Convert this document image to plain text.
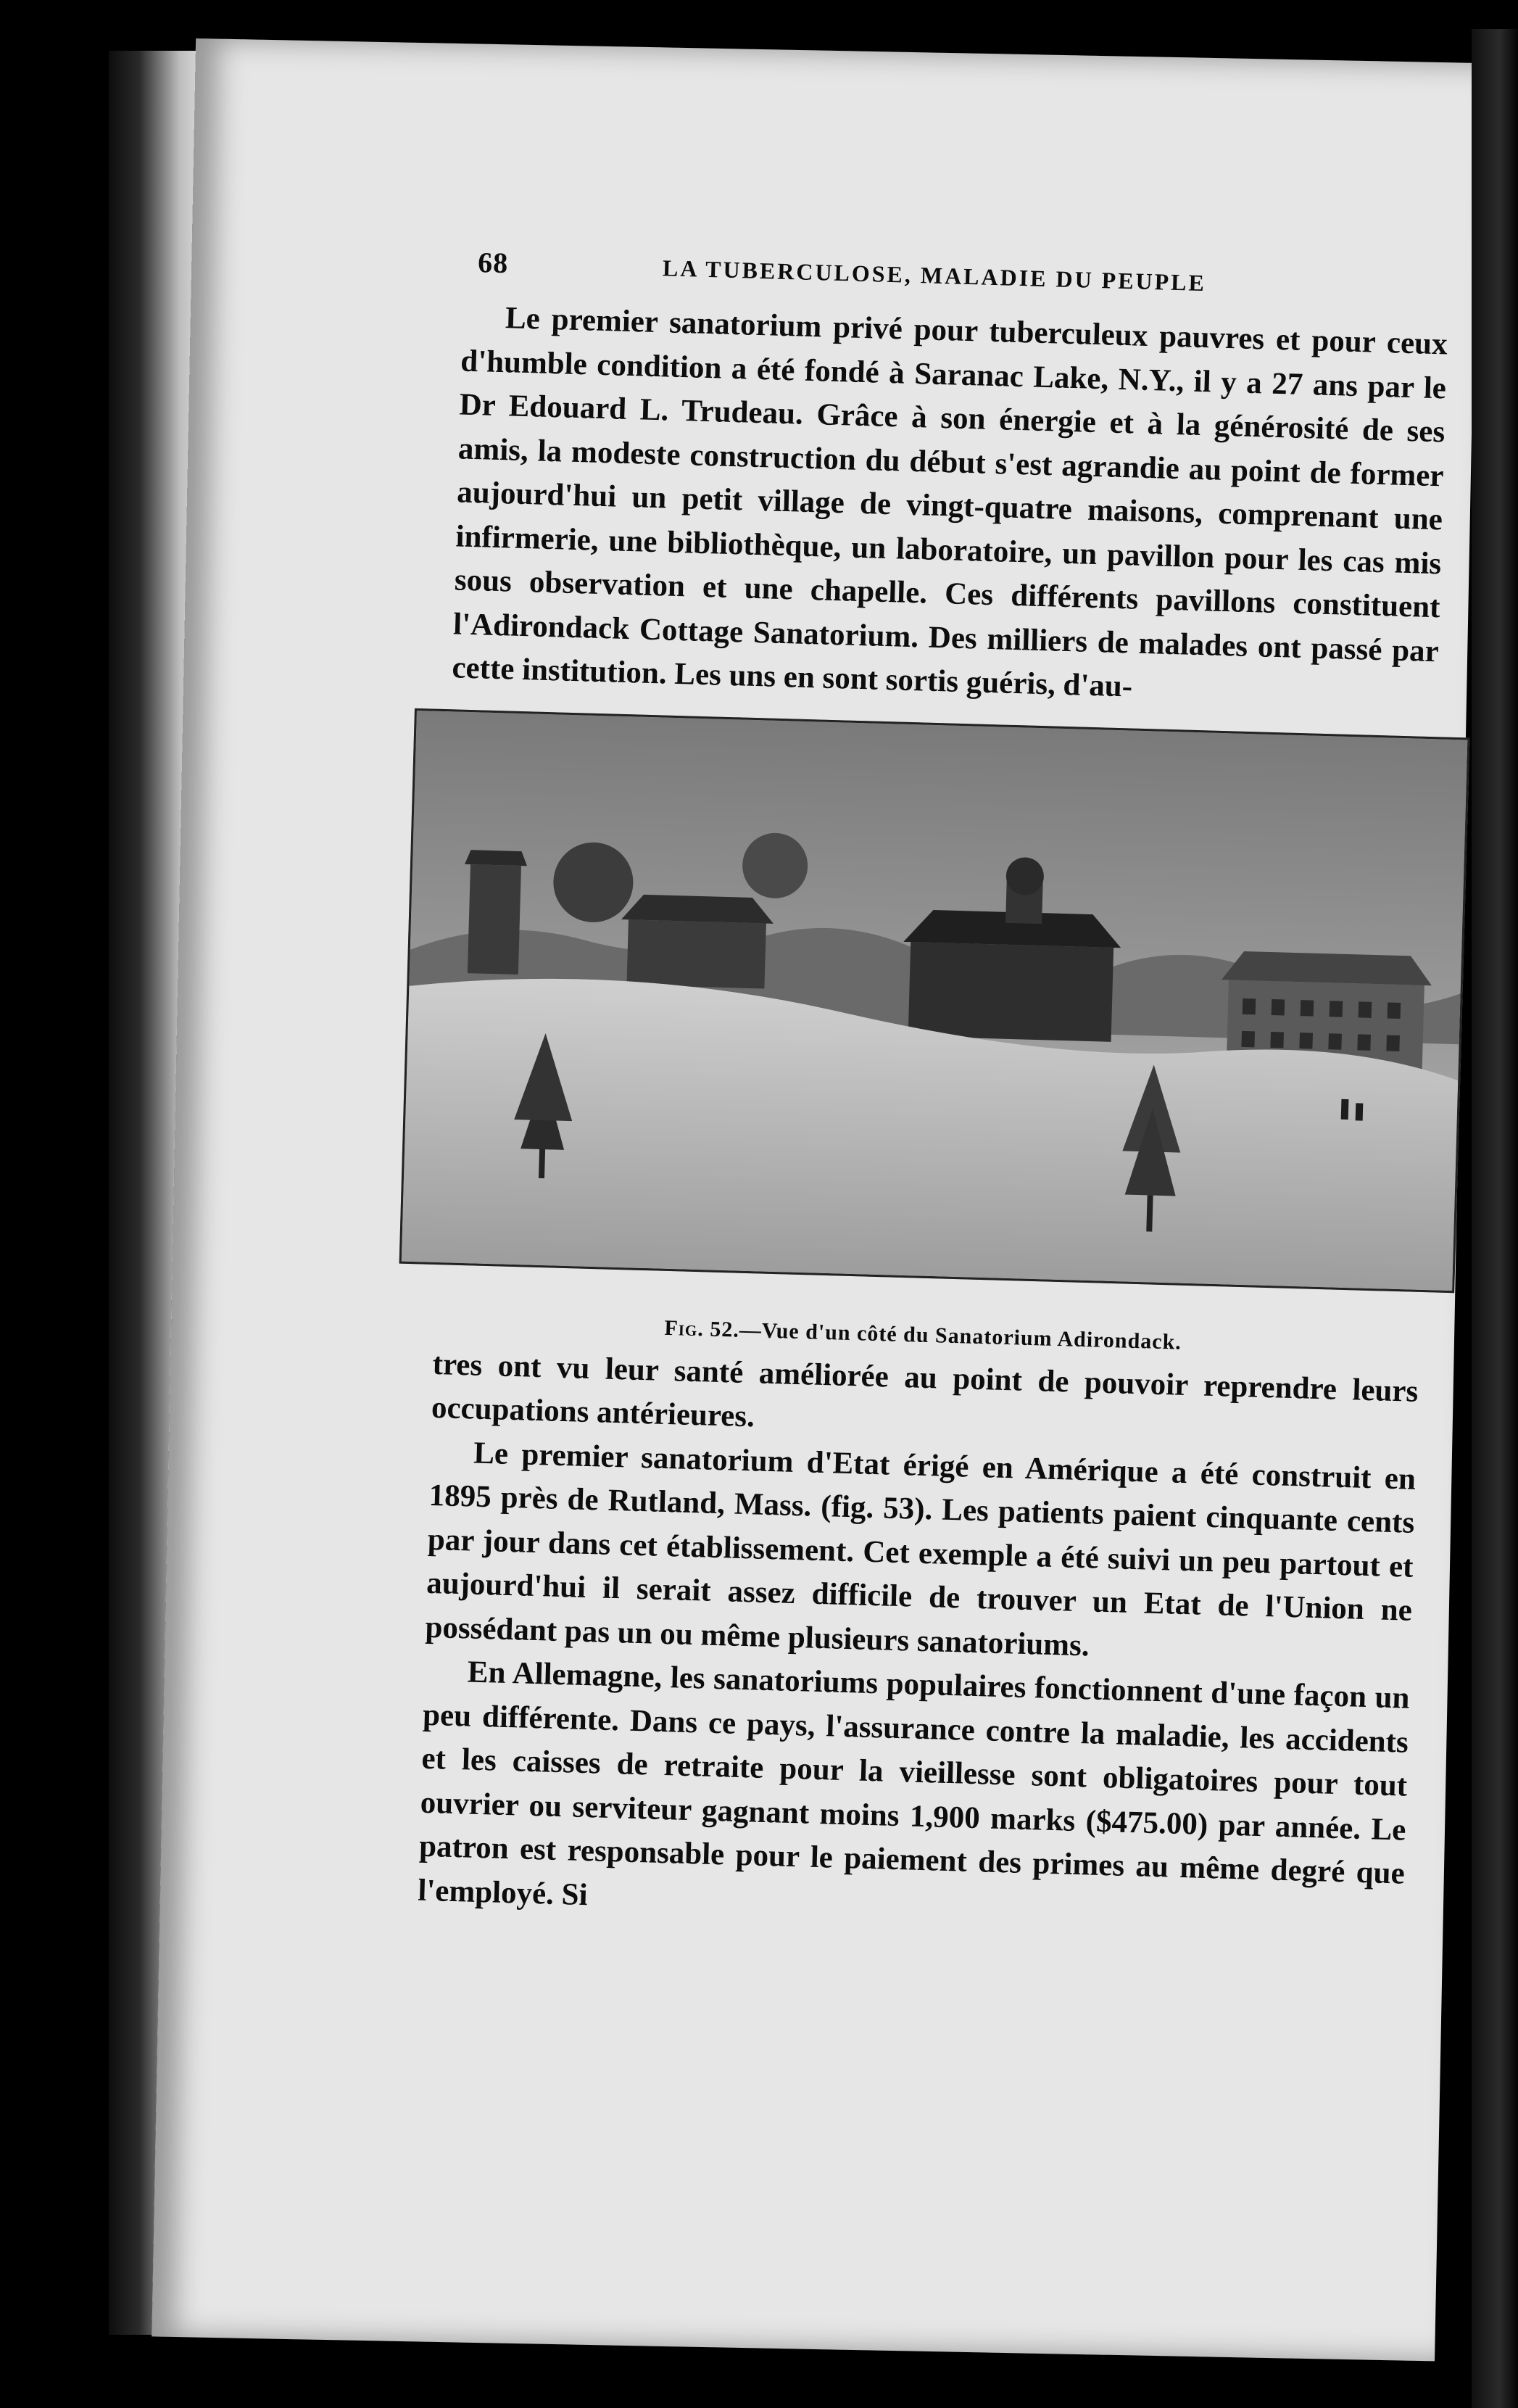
68	LA TUBERCULOSE, MALADIE DU PEUPLE

Le premier sanatorium privé pour tuberculeux pauvres et pour ceux d'humble condition a été fondé à Saranac Lake, N.Y., il y a 27 ans par le Dr Edouard L. Trudeau. Grâce à son énergie et à la générosité de ses amis, la modeste construction du début s'est agrandie au point de former aujourd'hui un petit village de vingt-quatre maisons, comprenant une infirmerie, une bibliothèque, un laboratoire, un pavillon pour les cas mis sous observation et une chapelle. Ces différents pavillons constituent l'Adirondack Cottage Sanatorium. Des milliers de malades ont passé par cette institution. Les uns en sont sortis guéris, d'au-

Fig. 52.—Vue d'un côté du Sanatorium Adirondack.

tres ont vu leur santé améliorée au point de pouvoir reprendre leurs occupations antérieures.

Le premier sanatorium d'Etat érigé en Amérique a été construit en 1895 près de Rutland, Mass. (fig. 53). Les patients paient cinquante cents par jour dans cet établissement. Cet exemple a été suivi un peu partout et aujourd'hui il serait assez difficile de trouver un Etat de l'Union ne possédant pas un ou même plusieurs sanatoriums.

En Allemagne, les sanatoriums populaires fonctionnent d'une façon un peu différente. Dans ce pays, l'assurance contre la maladie, les accidents et les caisses de retraite pour la vieillesse sont obligatoires pour tout ouvrier ou serviteur gagnant moins 1,900 marks ($475.00) par année. Le patron est responsable pour le paiement des primes au même degré que l'employé. Si
